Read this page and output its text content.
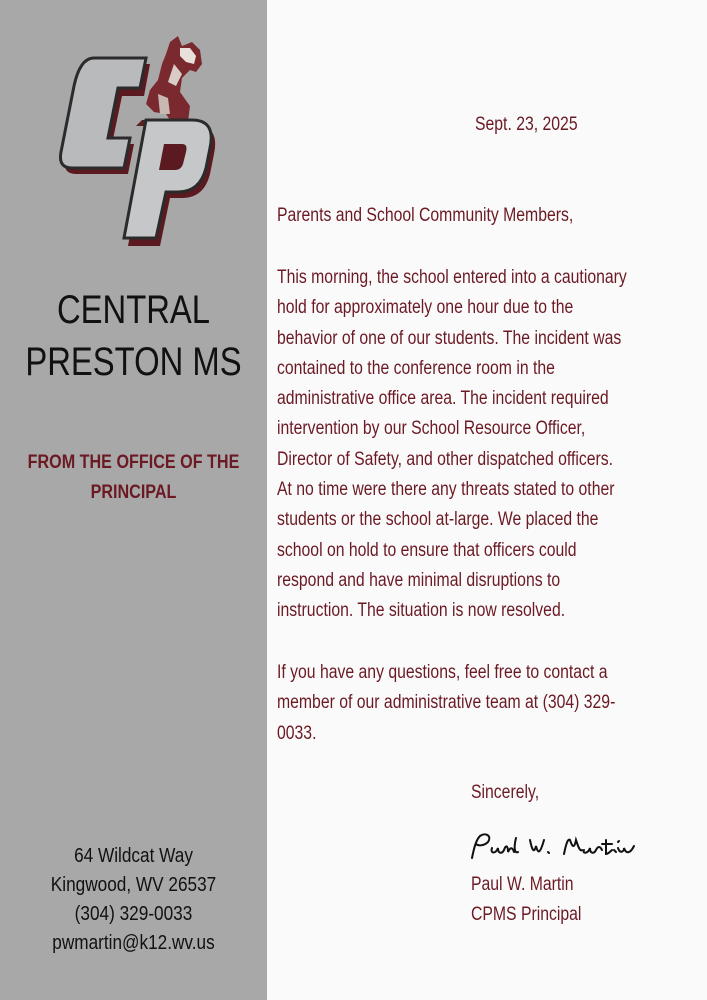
CENTRAL
PRESTON MS
FROM THE OFFICE OF THE
PRINCIPAL
64 Wildcat Way
Kingwood, WV 26537
(304) 329-0033
pwmartin@k12.wv.us
Sept. 23, 2025
Parents and School Community Members,
This morning, the school entered into a cautionary
hold for approximately one hour due to the
behavior of one of our students. The incident was
contained to the conference room in the
administrative office area. The incident required
intervention by our School Resource Officer,
Director of Safety, and other dispatched officers.
At no time were there any threats stated to other
students or the school at-large. We placed the
school on hold to ensure that officers could
respond and have minimal disruptions to
instruction. The situation is now resolved.
If you have any questions, feel free to contact a
member of our administrative team at (304) 329-
0033.
Sincerely,
Paul W. Martin
CPMS Principal
